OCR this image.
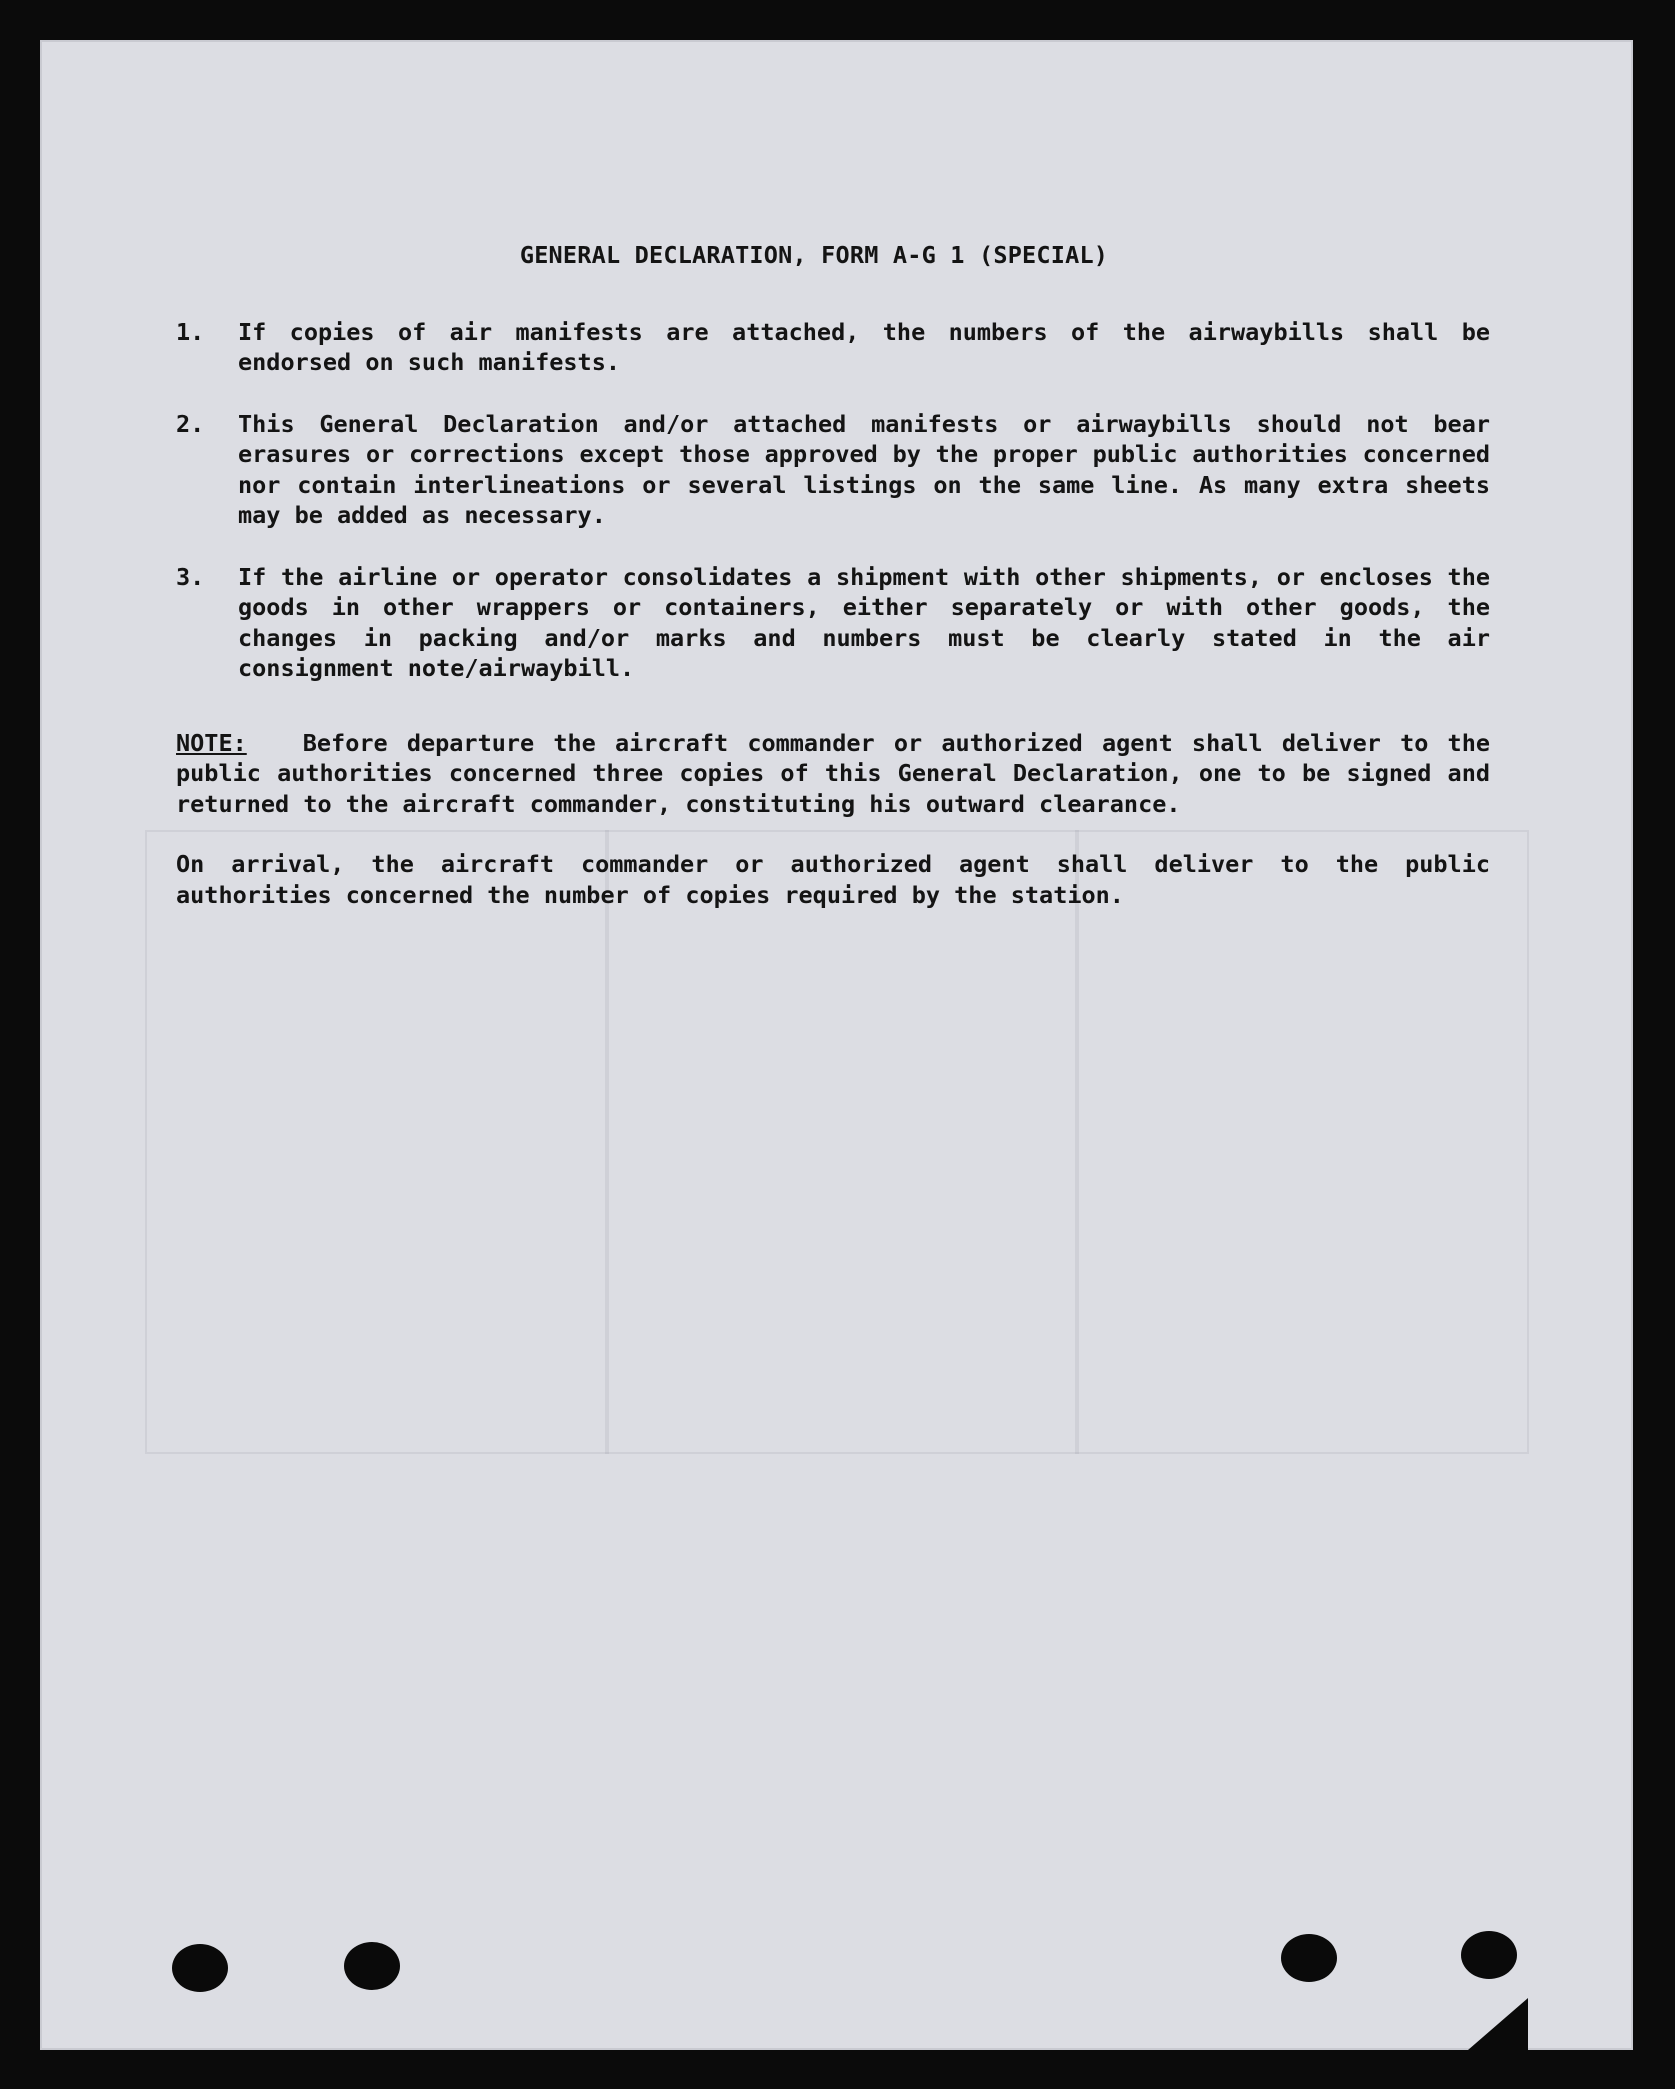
GENERAL DECLARATION, FORM A-G 1 (SPECIAL)

1.	If copies of air manifests are attached, the numbers of the airwaybills shall be endorsed on such manifests.
2.	This General Declaration and/or attached manifests or airwaybills should not bear erasures or corrections except those approved by the proper public authorities concerned nor contain interlineations or several listings on the same line. As many extra sheets may be added as necessary.
3.	If the airline or operator consolidates a shipment with other shipments, or encloses the goods in other wrappers or containers, either separately or with other goods, the changes in packing and/or marks and numbers must be clearly stated in the air consignment note/airwaybill.
NOTE: Before departure the aircraft commander or authorized agent shall deliver to the public authorities concerned three copies of this General Declaration, one to be signed and returned to the aircraft commander, constituting his outward clearance.
On arrival, the aircraft commander or authorized agent shall deliver to the public authorities concerned the number of copies required by the station.
